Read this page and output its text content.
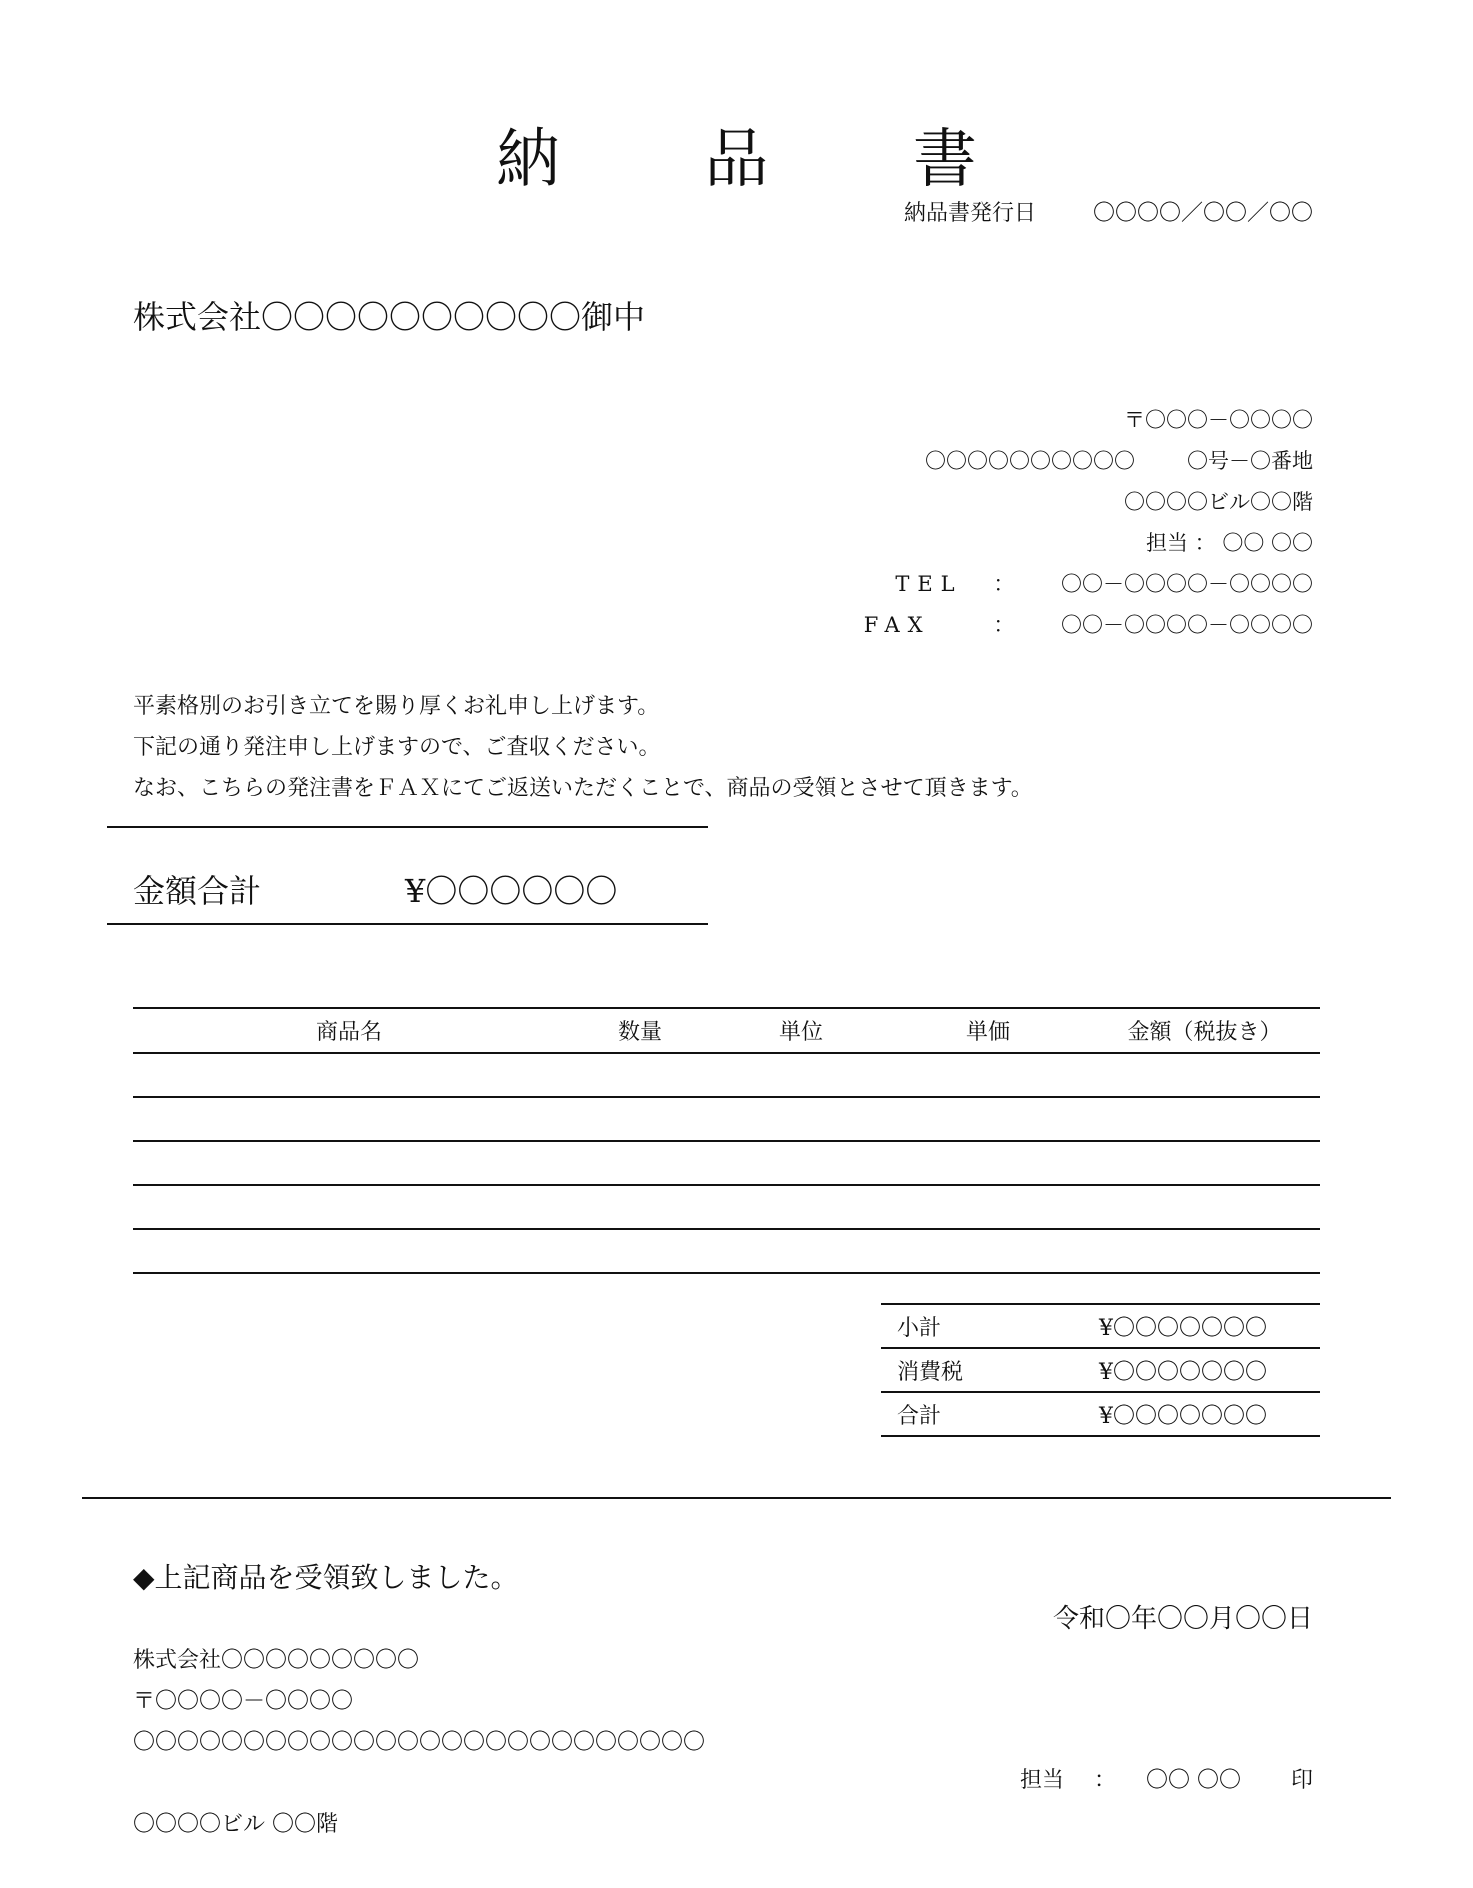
納 品 書
納品書発行日	〇〇〇〇／〇〇／〇〇
株式会社〇〇〇〇〇〇〇〇〇〇御中
〒〇〇〇－〇〇〇〇
〇〇〇〇〇〇〇〇〇〇 〇号－〇番地
〇〇〇〇ビル〇〇階
担当 ： 〇〇 〇〇
TEL ： 〇〇－〇〇〇〇－〇〇〇〇
FAX	： 〇〇－〇〇〇〇－〇〇〇〇
平素格別のお引き立てを賜り厚くお礼申し上げます。
下記の通り発注申し上げますので、ご査収ください。
なお、こちらの発注書をＦＡＸにてご返送いただくことで、商品の受領とさせて頂きます。
金額合計	¥〇〇〇〇〇〇
商品名	数量	単位	単価	金額（税抜き）

小計	¥〇〇〇〇〇〇〇
消費税	¥〇〇〇〇〇〇〇
合計	¥〇〇〇〇〇〇〇
◆上記商品を受領致しました。
令和〇年〇〇月〇〇日
株式会社〇〇〇〇〇〇〇〇〇
〒〇〇〇〇－〇〇〇〇
〇〇〇〇〇〇〇〇〇〇〇〇〇〇〇〇〇〇〇〇〇〇〇〇〇〇
〇〇〇〇ビル 〇〇階
担当 ： 〇〇 〇〇 印
